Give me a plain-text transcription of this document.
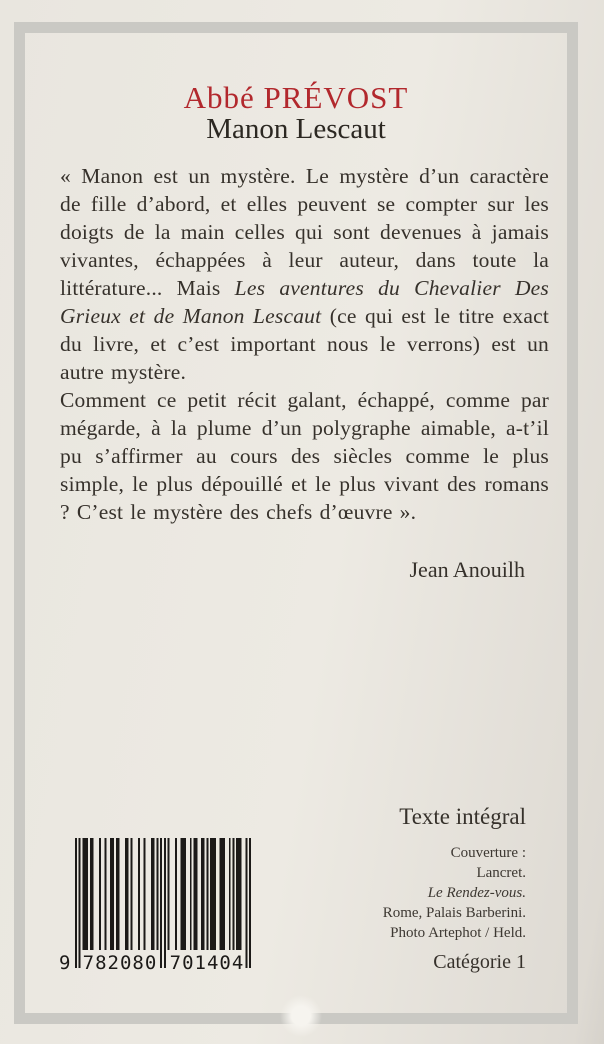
Abbé PRÉVOST
Manon Lescaut

« Manon est un mystère. Le mystère d’un caractère de fille d’abord, et elles peuvent se compter sur les doigts de la main celles qui sont devenues à jamais vivantes, échappées à leur auteur, dans toute la littérature... Mais Les aventures du Chevalier Des Grieux et de Manon Lescaut (ce qui est le titre exact du livre, et c’est important nous le verrons) est un autre mystère.

Comment ce petit récit galant, échappé, comme par mégarde, à la plume d’un polygraphe aimable, a-t’il pu s’affirmer au cours des siècles comme le plus simple, le plus dépouillé et le plus vivant des romans ? C’est le mystère des chefs d’œuvre ».

Jean Anouilh
Texte intégral
Couverture :
Lancret.
Le Rendez-vous.
Rome, Palais Barberini.
Photo Artephot / Held.
9 782080 701404	Catégorie 1
